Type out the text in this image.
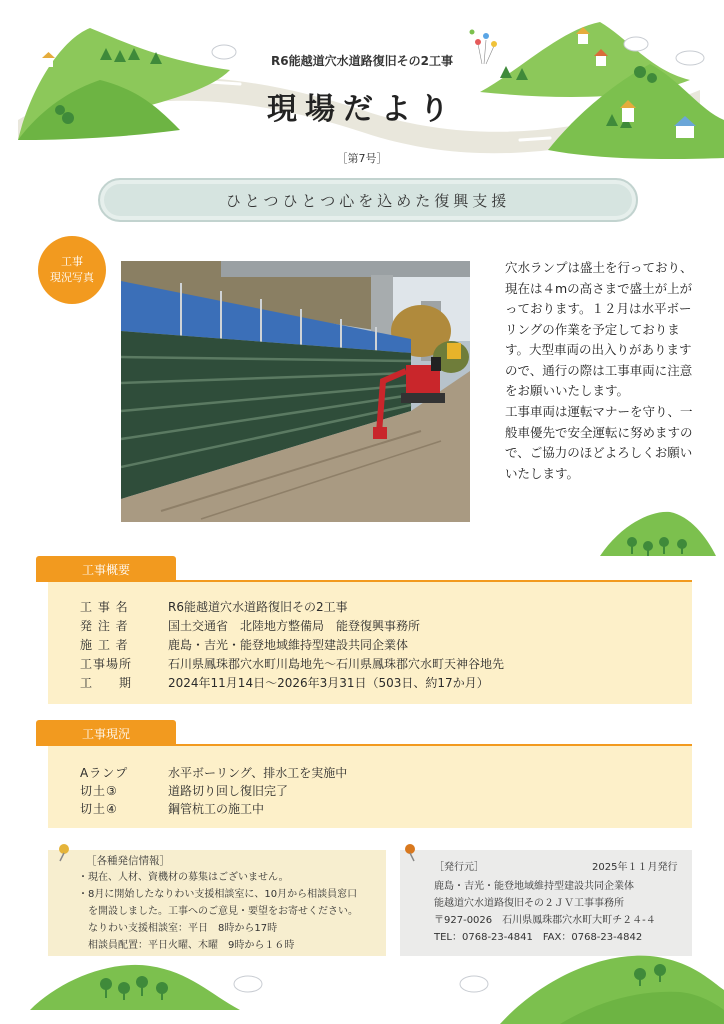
R6能越道穴水道路復旧その2工事
現場だより
［第7号］
ひとつひとつ心を込めた復興支援
工事
現況写真
穴水ランプは盛土を行っており、現在は４mの高さまで盛土が上がっております。１２月は水平ボーリングの作業を予定しております。大型車両の出入りがありますので、通行の際は工事車両に注意をお願いいたします。
工事車両は運転マナーを守り、一般車優先で安全運転に努めますので、ご協力のほどよろしくお願いいたします。
工事概要
工 事 名	R6能越道穴水道路復旧その2工事
発 注 者	国土交通省　北陸地方整備局　能登復興事務所
施 工 者	鹿島・吉光・能登地域維持型建設共同企業体
工事場所	石川県鳳珠郡穴水町川島地先～石川県鳳珠郡穴水町天神谷地先
工　　期	2024年11月14日～2026年3月31日（503日、約17か月）
工事現況
Aランプ	水平ボーリング、排水工を実施中
切土③	道路切り回し復旧完了
切土④	鋼管杭工の施工中
［各種発信情報］
・現在、人材、資機材の募集はございません。
・8月に開始したなりわい支援相談室に、10月から相談員窓口
　を開設しました。工事へのご意見・要望をお寄せください。
　なりわい支援相談室：平日　8時から17時
　相談員配置：平日火曜、木曜　9時から１６時
［発行元］	2025年１１月発行
鹿島・吉光・能登地域維持型建設共同企業体
能越道穴水道路復旧その２ＪＶ工事事務所
〒927-0026　石川県鳳珠郡穴水町大町チ２４-４
TEL：0768-23-4841　FAX：0768-23-4842
